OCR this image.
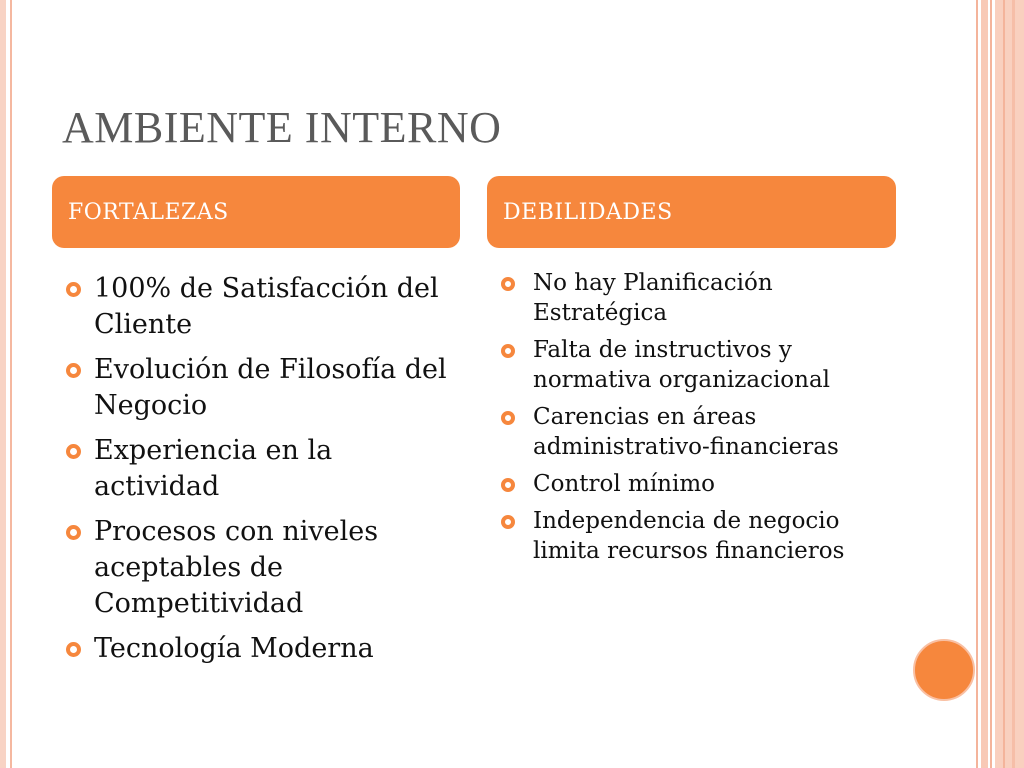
AMBIENTE INTERNO
FORTALEZAS	DEBILIDADES
100% de Satisfacción del Cliente
Evolución de Filosofía del Negocio
Experiencia en la actividad
Procesos con niveles aceptables de Competitividad
Tecnología Moderna
No hay Planificación Estratégica
Falta de instructivos y normativa organizacional
Carencias en áreas administrativo-financieras
Control mínimo
Independencia de negocio limita recursos financieros
